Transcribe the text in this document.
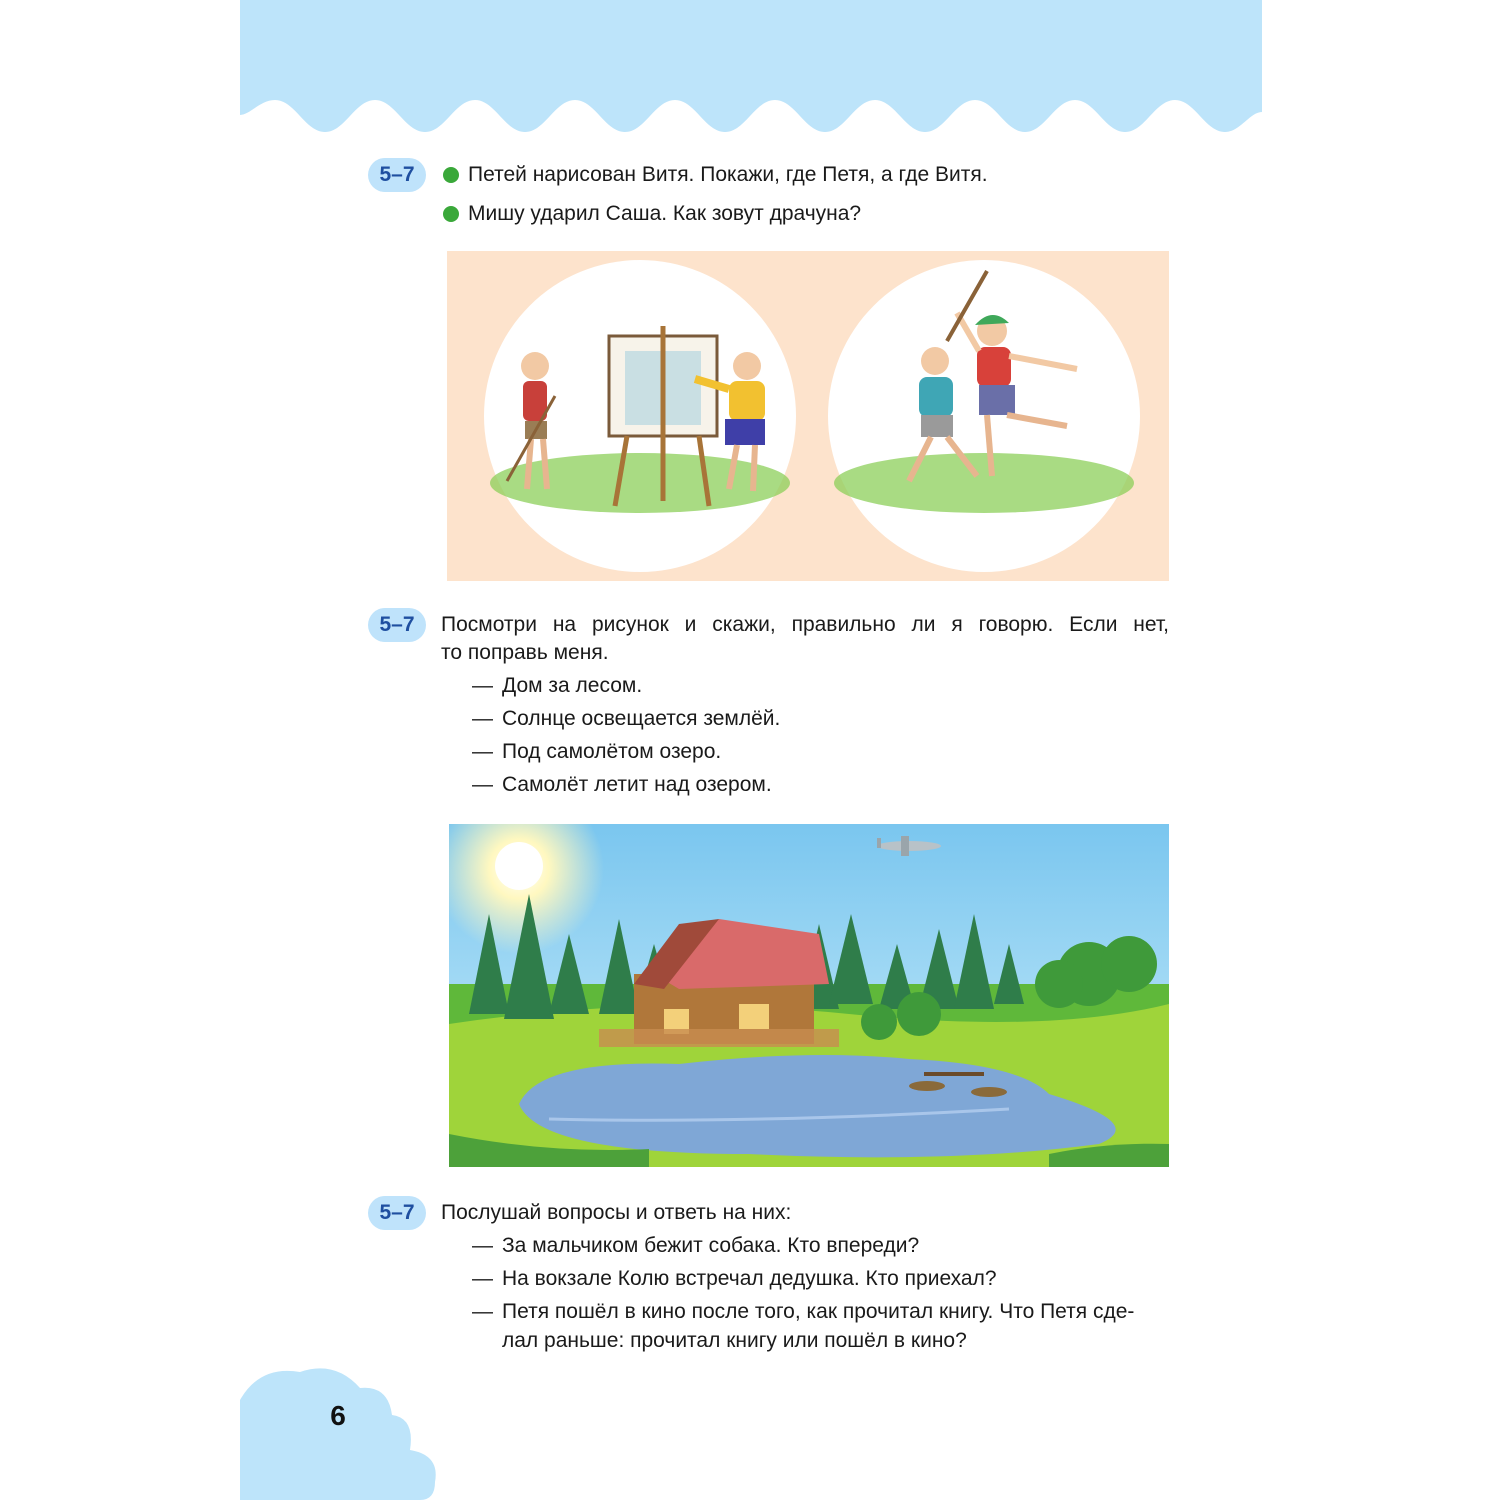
5–7	Петей нарисован Витя. Покажи, где Петя, а где Витя.
Мишу ударил Саша. Как зовут драчуна?
5–7	Посмотри на рисунок и скажи, правильно ли я говорю. Если нет,
то поправь меня.
— Дом за лесом.
— Солнце освещается землёй.
— Под самолётом озеро.
— Самолёт летит над озером.
5–7	Послушай вопросы и ответь на них:
— За мальчиком бежит собака. Кто впереди?
— На вокзале Колю встречал дедушка. Кто приехал?
— Петя пошёл в кино после того, как прочитал книгу. Что Петя сде-
лал раньше: прочитал книгу или пошёл в кино?
6
